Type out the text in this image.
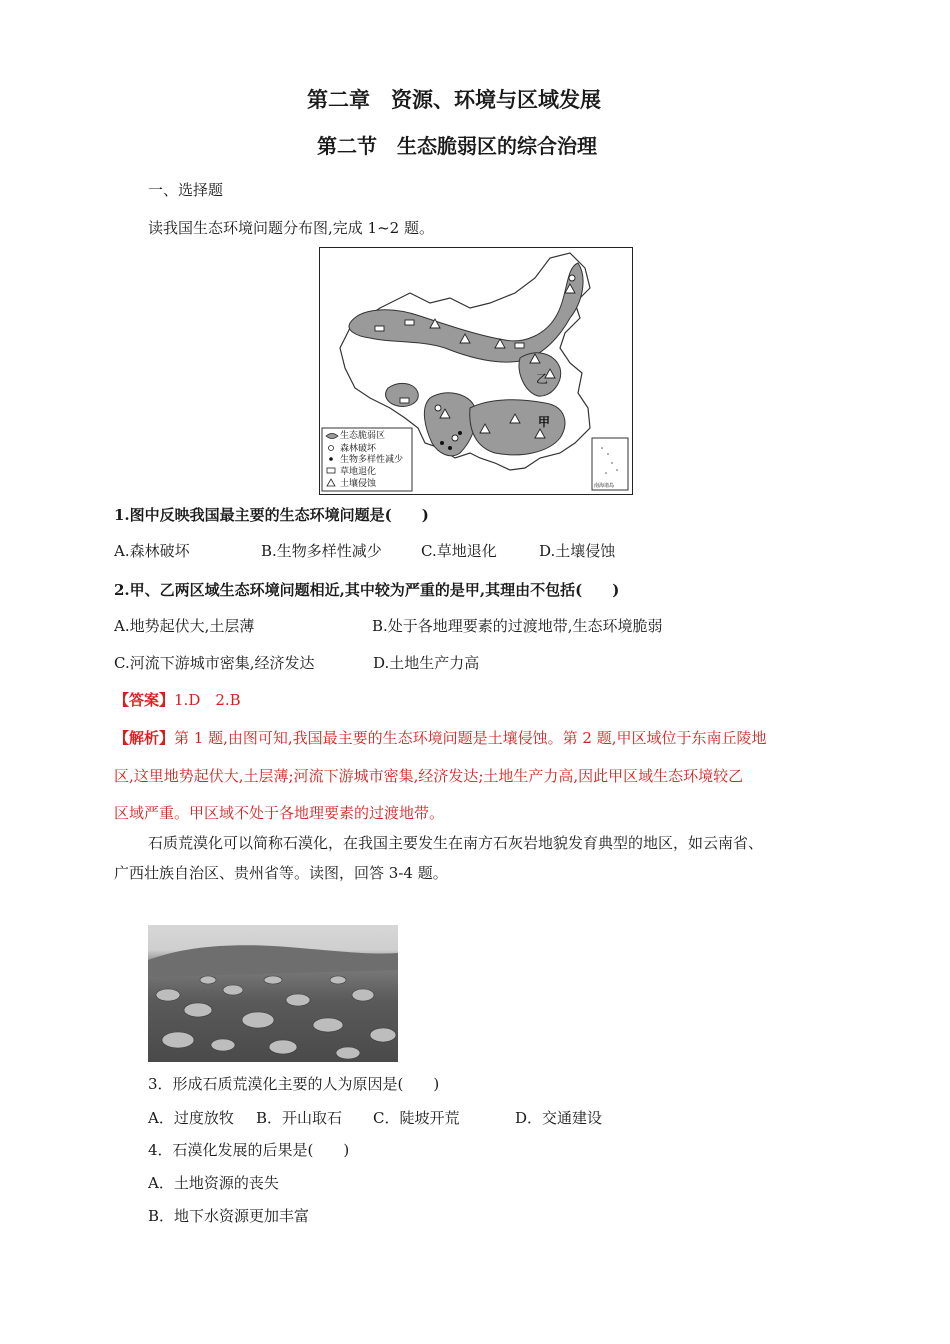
第二章　资源、环境与区域发展
第二节　生态脆弱区的综合治理
一、选择题
读我国生态环境问题分布图,完成 1~2 题。
乙
甲
生态脆弱区
森林破坏
生物多样性减少
草地退化
土壤侵蚀	南海诸岛
1.图中反映我国最主要的生态环境问题是(　　)
A.森林破坏	B.生物多样性减少	C.草地退化	D.土壤侵蚀
2.甲、乙两区域生态环境问题相近,其中较为严重的是甲,其理由不包括(　　)
A.地势起伏大,土层薄	B.处于各地理要素的过渡地带,生态环境脆弱
C.河流下游城市密集,经济发达	D.土地生产力高
【答案】1.D　2.B
【解析】第 1 题,由图可知,我国最主要的生态环境问题是土壤侵蚀。第 2 题,甲区域位于东南丘陵地
区,这里地势起伏大,土层薄;河流下游城市密集,经济发达;土地生产力高,因此甲区域生态环境较乙
区域严重。甲区域不处于各地理要素的过渡地带。
石质荒漠化可以简称石漠化，在我国主要发生在南方石灰岩地貌发育典型的地区，如云南省、
广西壮族自治区、贵州省等。读图，回答 3-4 题。
3．形成石质荒漠化主要的人为原因是(　　)
A．过度放牧 B．开山取石 C．陡坡开荒	D．交通建设
4．石漠化发展的后果是(　　)
A．土地资源的丧失
B．地下水资源更加丰富
